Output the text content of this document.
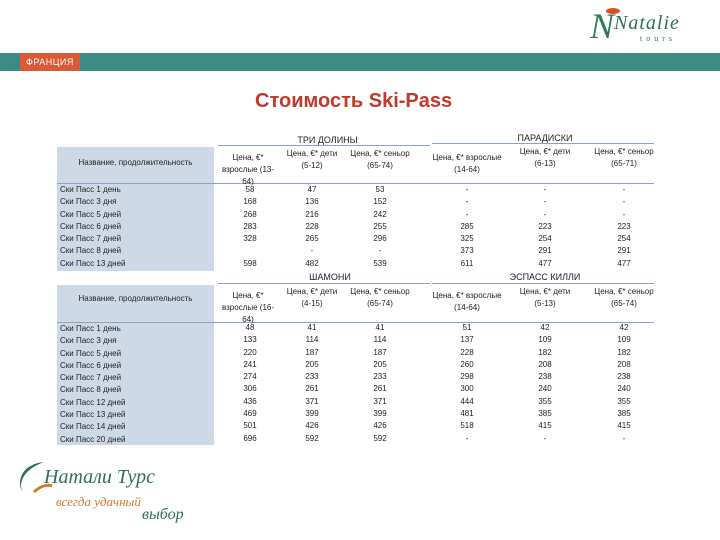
N Natalie
tours
ФРАНЦИЯ
Стоимость Ski-Pass
ТРИ ДОЛИНЫ	ПАРАДИСКИ
Название, продолжительность
Ски Пасс 1 день
Ски Пасс 3 дня
Ски Пасс 5 дней
Ски Пасс 6 дней
Ски Пасс 7 дней
Ски Пасс 8 дней
Ски Пасс 13 дней
Цена, €* взрослые (13-64)
Цена, €* дети (5-12)
Цена, €* сеньор (65-74)
Цена, €* взрослые (14-64)
Цена, €* дети (6-13)
Цена, €* сеньор (65-71)
58
168
268
283
328

598
47
136
216
228
265
-
482
53
152
242
255
296
-
539
-
-
-
285
325
373
611
-
-
-
223
254
291
477
-
-
-
223
254
291
477
ШАМОНИ	ЭСПАСС КИЛЛИ
Название, продолжительность
Ски Пасс 1 день
Ски Пасс 3 дня
Ски Пасс 5 дней
Ски Пасс 6 дней
Ски Пасс 7 дней
Ски Пасс 8 дней
Ски Пасс 12 дней
Ски Пасс 13 дней
Ски Пасс 14 дней
Ски Пасс 20 дней
Цена, €* взрослые (16-64)
Цена, €* дети (4-15)
Цена, €* сеньор (65-74)
Цена, €* взрослые (14-64)
Цена, €* дети (5-13)
Цена, €* сеньор (65-74)
48
133
220
241
274
306
436
469
501
696
41
114
187
205
233
261
371
399
426
592
41
114
187
205
233
261
371
399
426
592
51
137
228
260
298
300
444
481
518
-
42
109
182
208
238
240
355
385
415
-
42
109
182
208
238
240
355
385
415
-
Натали Турс
всегда удачный
выбор
